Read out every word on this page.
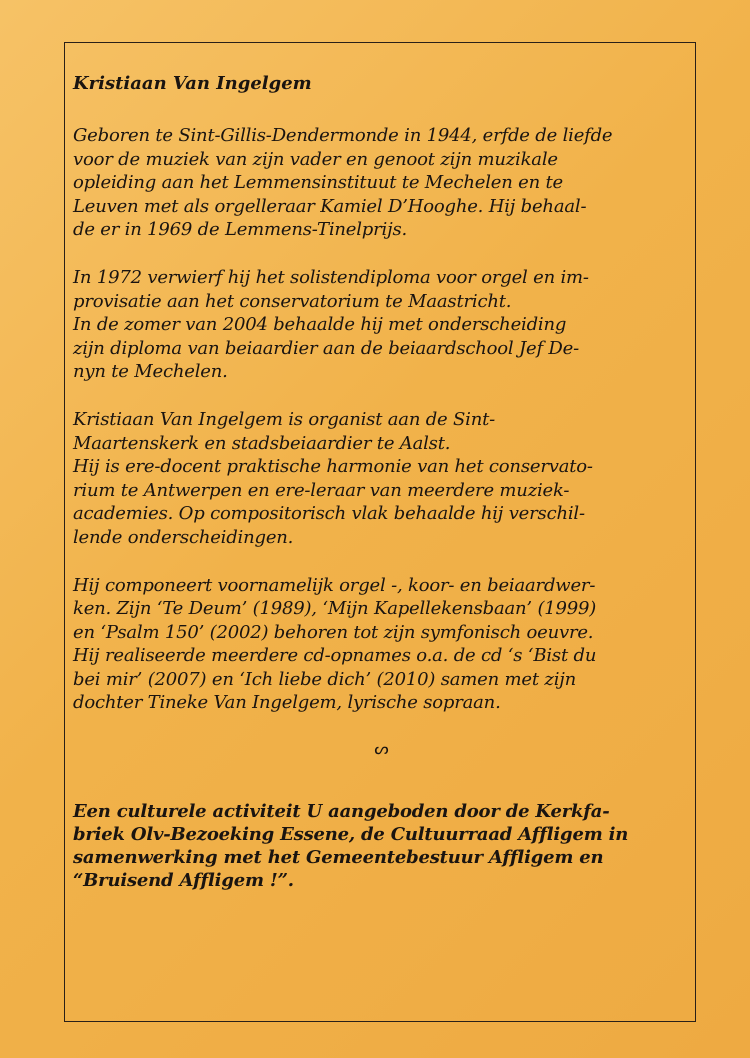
Kristiaan Van Ingelgem
Geboren te Sint-Gillis-Dendermonde in 1944, erfde de liefde
voor de muziek van zijn vader en genoot zijn muzikale
opleiding aan het Lemmensinstituut te Mechelen en te
Leuven met als orgelleraar Kamiel D’Hooghe. Hij behaal-
de er in 1969 de Lemmens-Tinelprijs.
In 1972 verwierf hij het solistendiploma voor orgel en im-
provisatie aan het conservatorium te Maastricht.
In de zomer van 2004 behaalde hij met onderscheiding
zijn diploma van beiaardier aan de beiaardschool Jef De-
nyn te Mechelen.
Kristiaan Van Ingelgem is organist aan de Sint-
Maartenskerk en stadsbeiaardier te Aalst.
Hij is ere-docent praktische harmonie van het conservato-
rium te Antwerpen en ere-leraar van meerdere muziek-
academies. Op compositorisch vlak behaalde hij verschil-
lende onderscheidingen.
Hij componeert voornamelijk orgel -, koor- en beiaardwer-
ken. Zijn ‘Te Deum’ (1989), ‘Mijn Kapellekensbaan’ (1999)
en ‘Psalm 150’ (2002) behoren tot zijn symfonisch oeuvre.
Hij realiseerde meerdere cd-opnames o.a. de cd ‘s ‘Bist du
bei mir’ (2007) en ‘Ich liebe dich’ (2010) samen met zijn
dochter Tineke Van Ingelgem, lyrische sopraan.
ᔕ
Een culturele activiteit U aangeboden door de Kerkfa-
briek Olv-Bezoeking Essene, de Cultuurraad Affligem in
samenwerking met het Gemeentebestuur Affligem en
“Bruisend Affligem !”.
